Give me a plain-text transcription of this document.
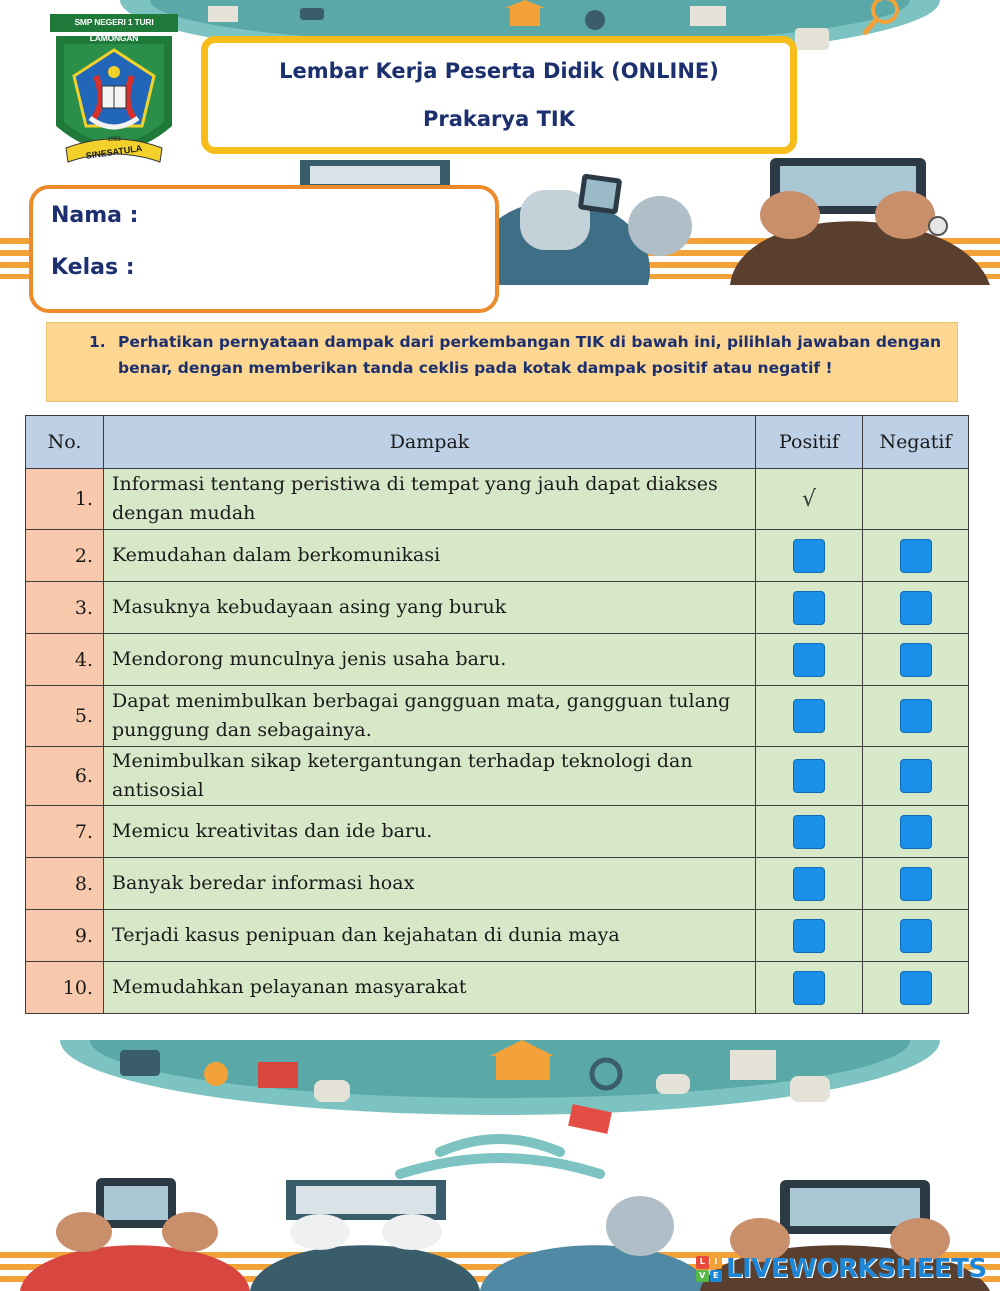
SMP NEGERI 1 TURI LAMONGAN
1983
SINESATULA
Lembar Kerja Peserta Didik (ONLINE)
Prakarya TIK
Nama :
Kelas :
1. Perhatikan pernyataan dampak dari perkembangan TIK di bawah ini, pilihlah jawaban dengan benar, dengan memberikan tanda ceklis pada kotak dampak positif atau negatif !
No.	Dampak	Positif	Negatif
1.	Informasi tentang peristiwa di tempat yang jauh dapat diakses dengan mudah	√	
2.	Kemudahan dalam berkomunikasi		
3.	Masuknya kebudayaan asing yang buruk		
4.	Mendorong munculnya jenis usaha baru.		
5.	Dapat menimbulkan berbagai gangguan mata, gangguan tulang punggung dan sebagainya.		
6.	Menimbulkan sikap ketergantungan terhadap teknologi dan antisosial		
7.	Memicu kreativitas dan ide baru.		
8.	Banyak beredar informasi hoax		
9.	Terjadi kasus penipuan dan kejahatan di dunia maya		
10.	Memudahkan pelayanan masyarakat		
L	I
V E LIVEWORKSHEETS
